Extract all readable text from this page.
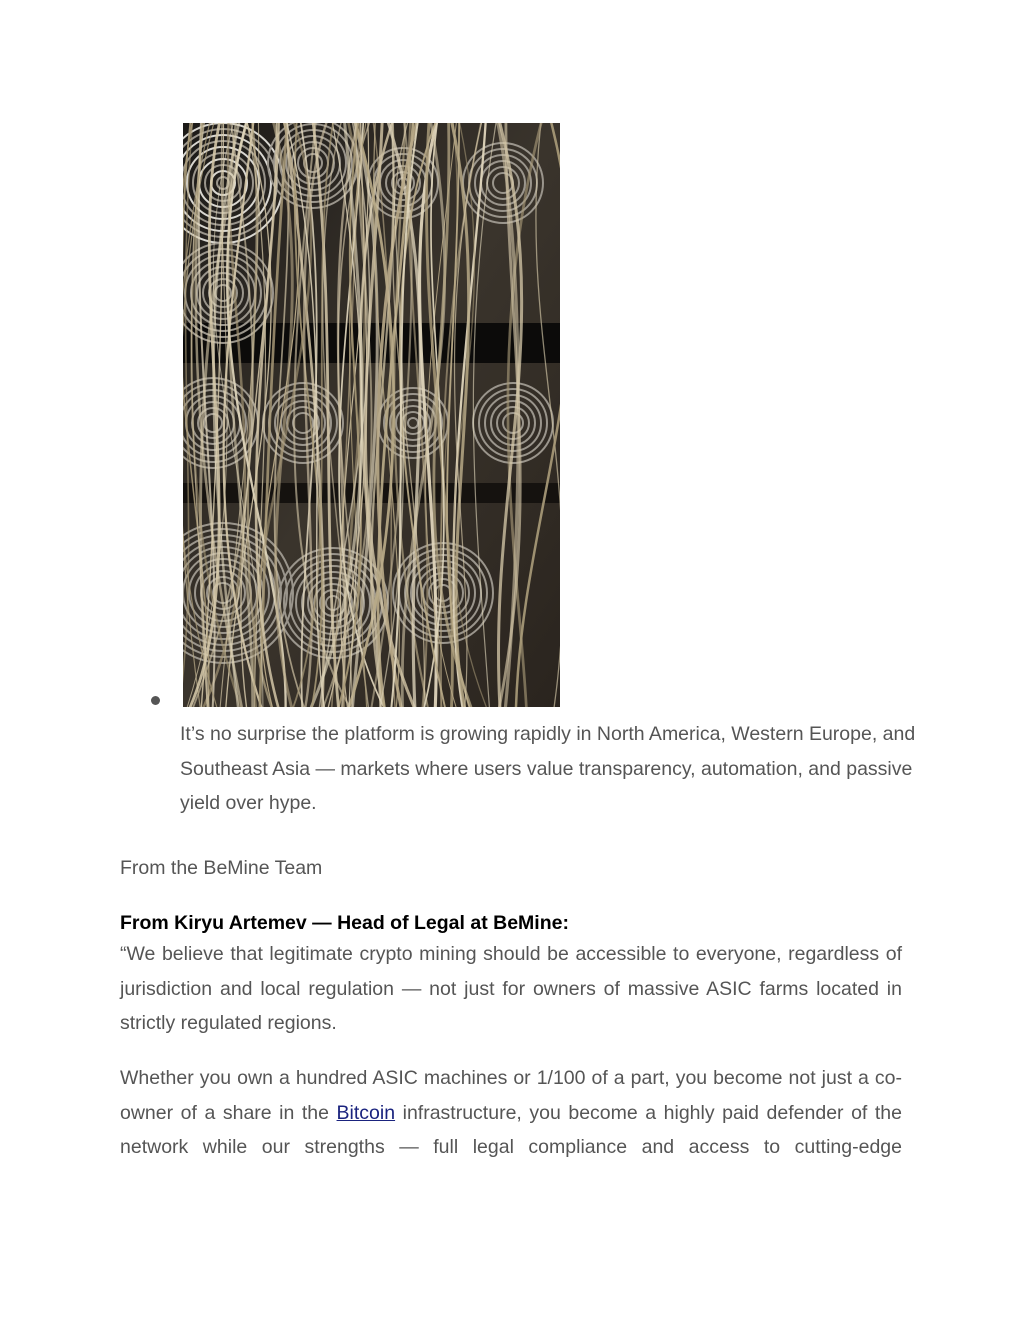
It’s no surprise the platform is growing rapidly in North America, Western Europe, and Southeast Asia — markets where users value transparency, automation, and passive yield over hype.

From the BeMine Team

From Kiryu Artemev — Head of Legal at BeMine:

“We believe that legitimate crypto mining should be accessible to everyone, regardless of jurisdiction and local regulation — not just for owners of massive ASIC farms located in strictly regulated regions.

Whether you own a hundred ASIC machines or 1/100 of a part, you become not just a co-owner of a share in the Bitcoin infrastructure, you become a highly paid defender of the network while our strengths — full legal compliance and access to cutting-edge
